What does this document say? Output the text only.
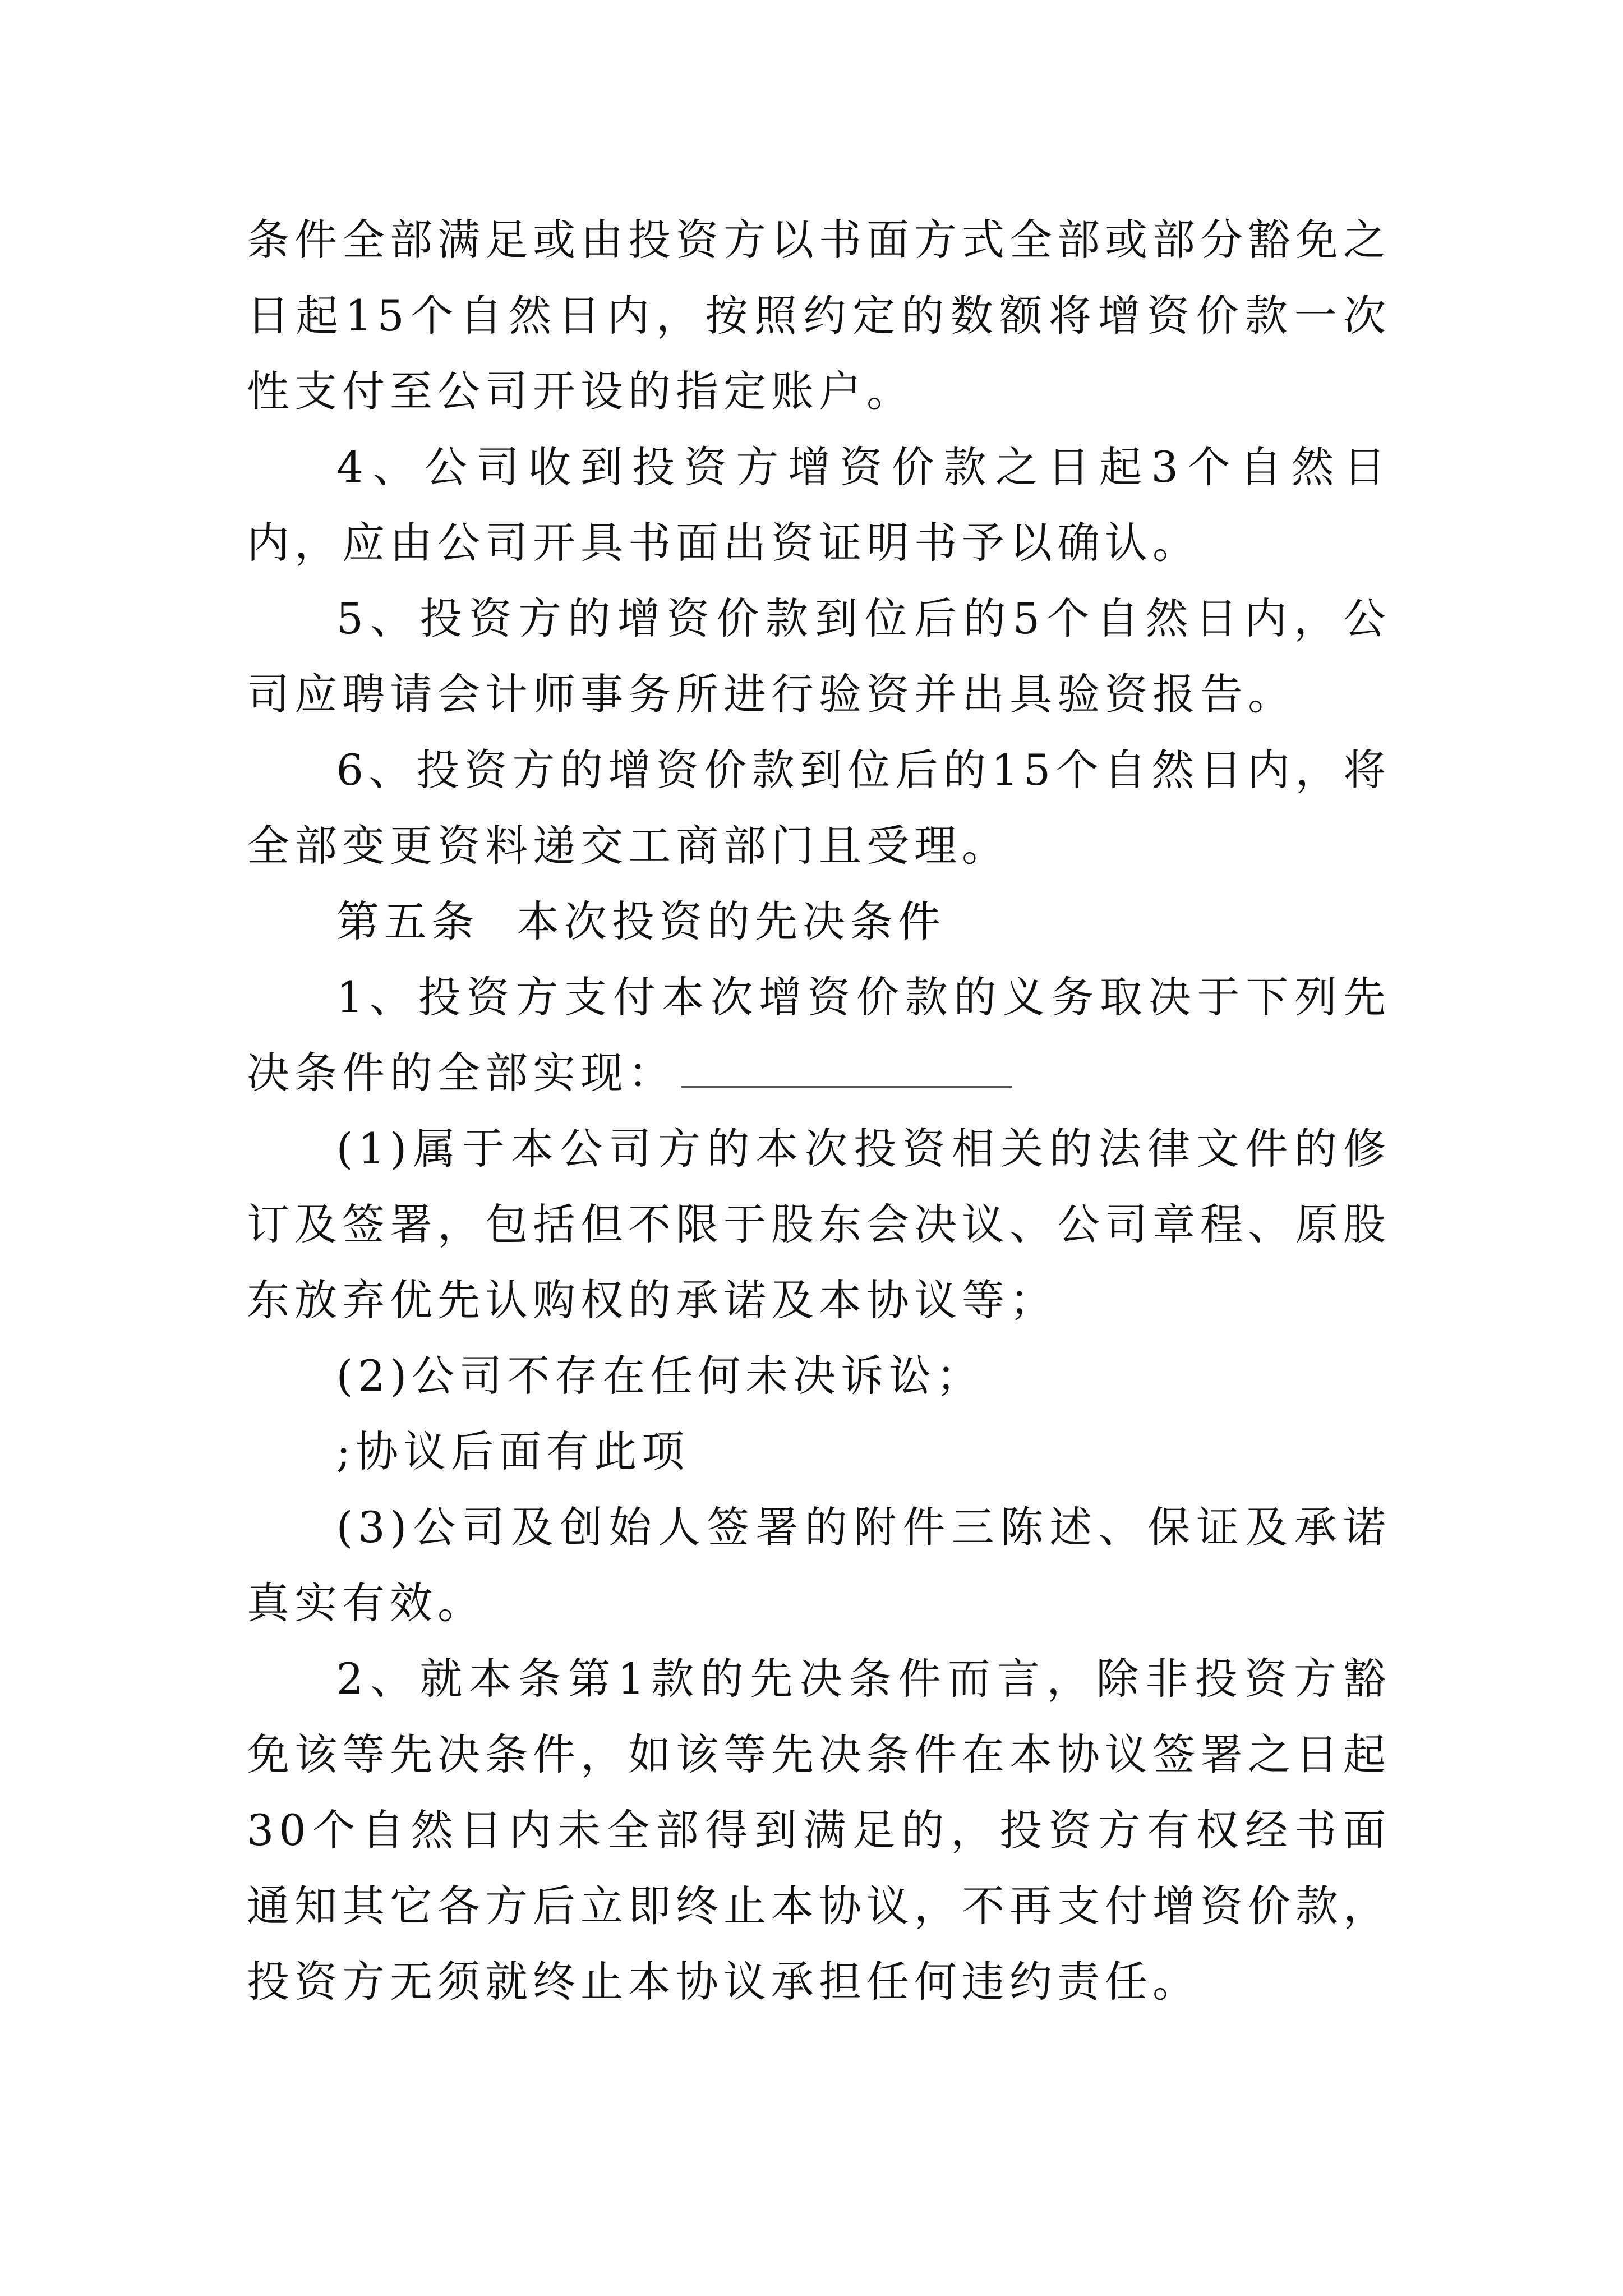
条件全部满足或由投资方以书面方式全部或部分豁免之日起15个自然日内，按照约定的数额将增资价款一次性支付至公司开设的指定账户。

4、公司收到投资方增资价款之日起3个自然日内，应由公司开具书面出资证明书予以确认。

5、投资方的增资价款到位后的5个自然日内，公司应聘请会计师事务所进行验资并出具验资报告。

6、投资方的增资价款到位后的15个自然日内，将全部变更资料递交工商部门且受理。

第五条  本次投资的先决条件

1、投资方支付本次增资价款的义务取决于下列先决条件的全部实现：

(1)属于本公司方的本次投资相关的法律文件的修订及签署，包括但不限于股东会决议、公司章程、原股东放弃优先认购权的承诺及本协议等；

(2)公司不存在任何未决诉讼；

;协议后面有此项

(3)公司及创始人签署的附件三陈述、保证及承诺真实有效。

2、就本条第1款的先决条件而言，除非投资方豁免该等先决条件，如该等先决条件在本协议签署之日起30个自然日内未全部得到满足的，投资方有权经书面通知其它各方后立即终止本协议，不再支付增资价款，投资方无须就终止本协议承担任何违约责任。
